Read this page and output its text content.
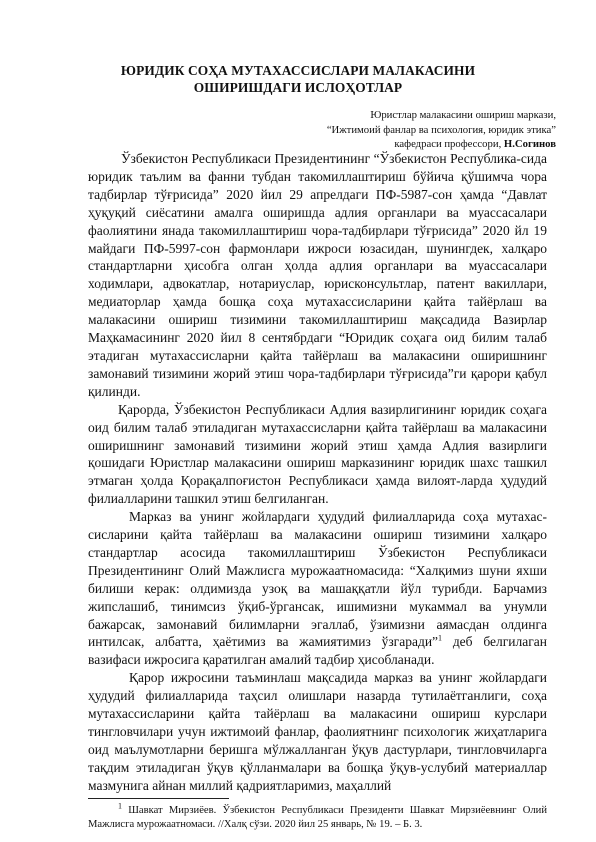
ЮРИДИК СОҲА МУТАХАССИСЛАРИ МАЛАКАСИНИ
ОШИРИШДАГИ ИСЛОҲОТЛАР
Юристлар малакасини ошириш маркази,
“Ижтимоий фанлар ва психология, юридик этика”
кафедраси профессори, Н.Согинов

Ўзбекистон Республикаси Президентининг “Ўзбекистон Республика-сида юридик таълим ва фанни тубдан такомиллаштириш бўйича қўшимча чора тадбирлар тўғрисида” 2020 йил 29 апрелдаги ПФ-5987-сон ҳамда “Давлат ҳуқуқий сиёсатини амалга оширишда адлия органлари ва муассасалари фаолиятини янада такомиллаштириш чора-тадбирлари тўғрисида” 2020 йл 19 майдаги ПФ-5997-сон фармонлари ижроси юзасидан, шунингдек, халқаро стандартларни ҳисобга олган ҳолда адлия органлари ва муассасалари ходимлари, адвокатлар, нотариуслар, юрисконсультлар, патент вакиллари, медиаторлар ҳамда бошқа соҳа мутахассисларини қайта тайёрлаш ва малакасини ошириш тизимини такомиллаштириш мақсадида Вазирлар Маҳкамасининг 2020 йил 8 сентябрдаги “Юридик соҳага оид билим талаб этадиган мутахассисларни қайта тайёрлаш ва малакасини оширишнинг замонавий тизимини жорий этиш чора-тадбирлари тўғрисида”ги қарори қабул қилинди.

Қарорда, Ўзбекистон Республикаси Адлия вазирлигининг юридик соҳага оид билим талаб этиладиган мутахассисларни қайта тайёрлаш ва малакасини оширишнинг замонавий тизимини жорий этиш ҳамда Адлия вазирлиги қошидаги Юристлар малакасини ошириш марказининг юридик шахс ташкил этмаган ҳолда Қорақалпоғистон Республикаси ҳамда вилоят-ларда ҳудудий филиалларини ташкил этиш белгиланган.

Марказ ва унинг жойлардаги ҳудудий филиалларида соҳа мутахас-сисларини қайта тайёрлаш ва малакасини ошириш тизимини халқаро стандартлар асосида такомиллаштириш Ўзбекистон Республикаси Президентининг Олий Мажлисга мурожаатномасида: “Халқимиз шуни яхши билиши керак: олдимизда узоқ ва машаққатли йўл турибди. Барчамиз жипслашиб, тинимсиз ўқиб-ўргансак, ишимизни мукаммал ва унумли бажарсак, замонавий билимларни эгаллаб, ўзимизни аямасдан олдинга интилсак, албатта, ҳаётимиз ва жамиятимиз ўзгаради”$^1$ деб белгилаган вазифаси ижросига қаратилган амалий тадбир ҳисобланади.

Қарор ижросини таъминлаш мақсадида марказ ва унинг жойлардаги ҳудудий филиалларида таҳсил олишлари назарда тутилаётганлиги, соҳа мутахассисларини қайта тайёрлаш ва малакасини ошириш курслари тингловчилари учун ижтимоий фанлар, фаолиятнинг психологик жиҳатларига оид маълумотларни беришга мўлжалланган ўқув дастурлари, тингловчиларга тақдим этиладиган ўқув қўлланмалари ва бошқа ўқув-услубий материаллар мазмунига айнан миллий қадриятларимиз, маҳаллий

$^1$ Шавкат Мирзиёев. Ўзбекистон Республикаси Президенти Шавкат Мирзиёевнинг Олий Мажлисга мурожаатномаси. //Халқ сўзи. 2020 йил 25 январь, № 19. – Б. 3.
